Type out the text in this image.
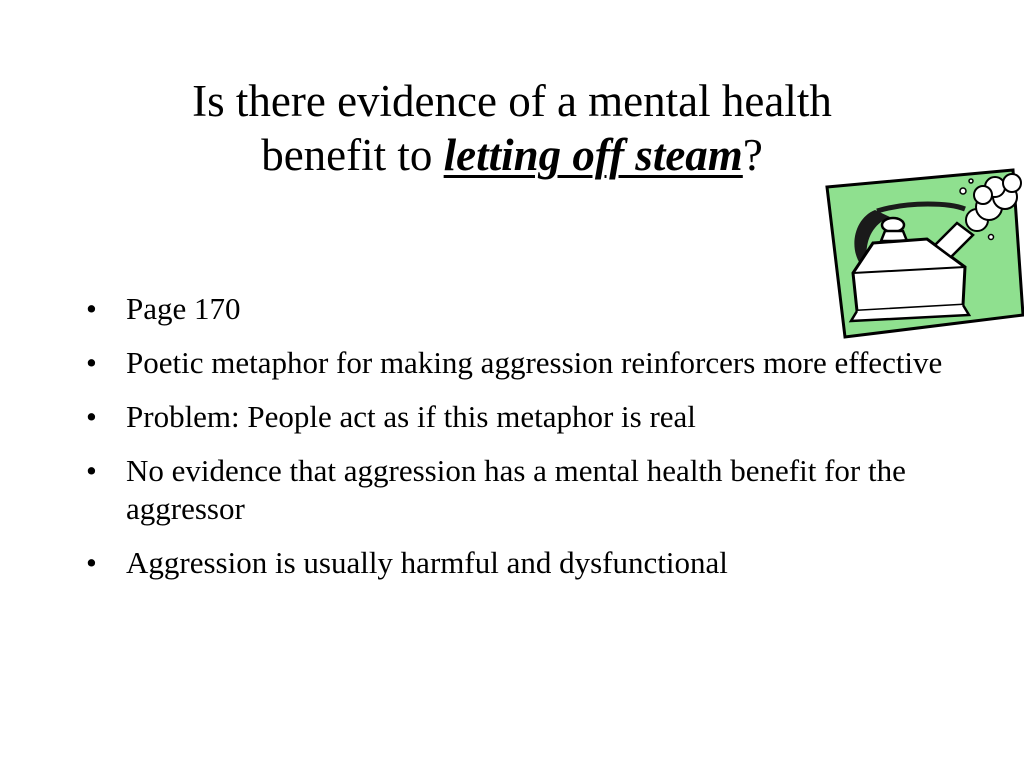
Is there evidence of a mental health
benefit to letting off steam?
• Page 170
• Poetic metaphor for making aggression reinforcers more effective
• Problem: People act as if this metaphor is real
• No evidence that aggression has a mental health benefit for the aggressor
• Aggression is usually harmful and dysfunctional
